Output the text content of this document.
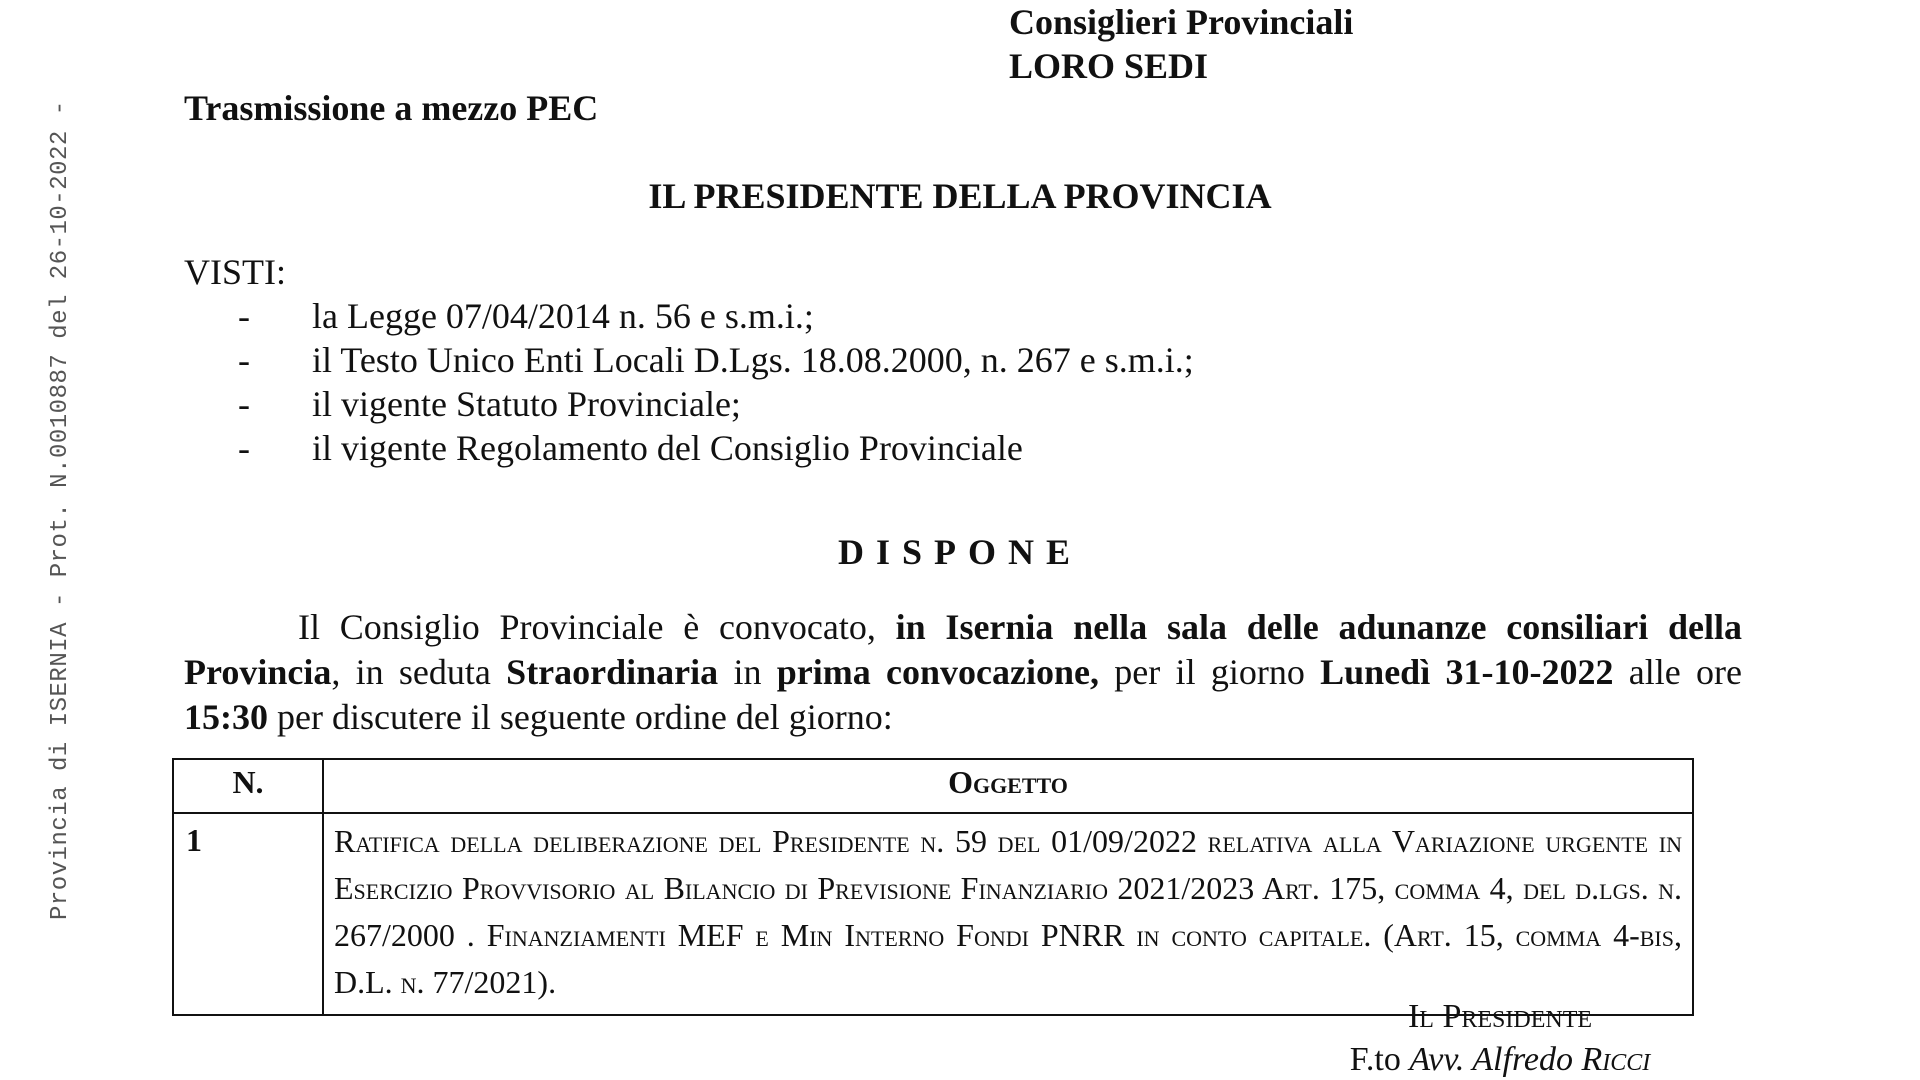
Provincia di ISERNIA - Prot. N.0010887 del 26-10-2022 -
Consiglieri Provinciali
LORO SEDI
Trasmissione a mezzo PEC
IL PRESIDENTE DELLA PROVINCIA
VISTI:
-	la Legge 07/04/2014 n. 56 e s.m.i.;
-	il Testo Unico Enti Locali D.Lgs. 18.08.2000, n. 267 e s.m.i.;
-	il vigente Statuto Provinciale;
-	il vigente Regolamento del Consiglio Provinciale
DISPONE
Il Consiglio Provinciale è convocato, in Isernia nella sala delle adunanze consiliari della Provincia, in seduta Straordinaria in prima convocazione, per il giorno Lunedì 31-10-2022 alle ore 15:30 per discutere il seguente ordine del giorno:
N.	Oggetto
1	Ratifica della deliberazione del Presidente n. 59 del 01/09/2022 relativa alla Variazione urgente in Esercizio Provvisorio al Bilancio di Previsione Finanziario 2021/2023 Art. 175, comma 4, del d.lgs. n. 267/2000 . Finanziamenti MEF e Min Interno Fondi PNRR in conto capitale. (Art. 15, comma 4-bis, D.L. n. 77/2021).
Il Presidente
F.to Avv. Alfredo Ricci
